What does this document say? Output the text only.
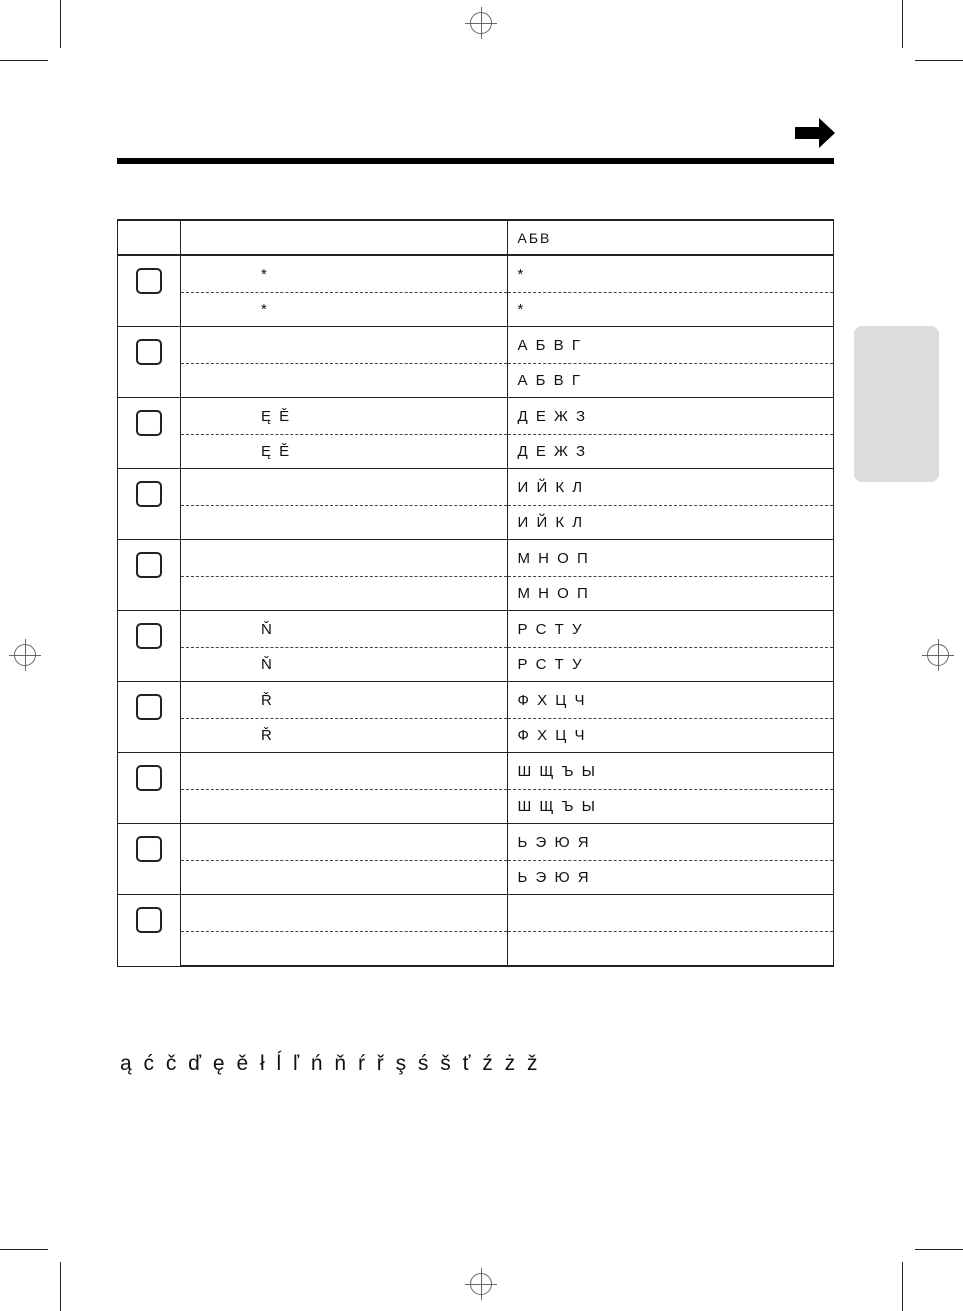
		АБВ

	*	*
	*	*

		А Б В Г
		А Б В Г

	Ę Ě	Д Е Ж З
	Ę Ě	Д Е Ж З

		И Й К Л
		И Й К Л

		М Н О П
		М Н О П

	Ň	Р С Т У
	Ň	Р С Т У

	Ř	Ф Х Ц Ч
	Ř	Ф Х Ц Ч

		Ш Щ Ъ Ы
		Ш Щ Ъ Ы

		Ь Э Ю Я
		Ь Э Ю Я

ą ć č ď ę ě ł ĺ ľ ń ň ŕ ř ş ś š ť ź ż ž
